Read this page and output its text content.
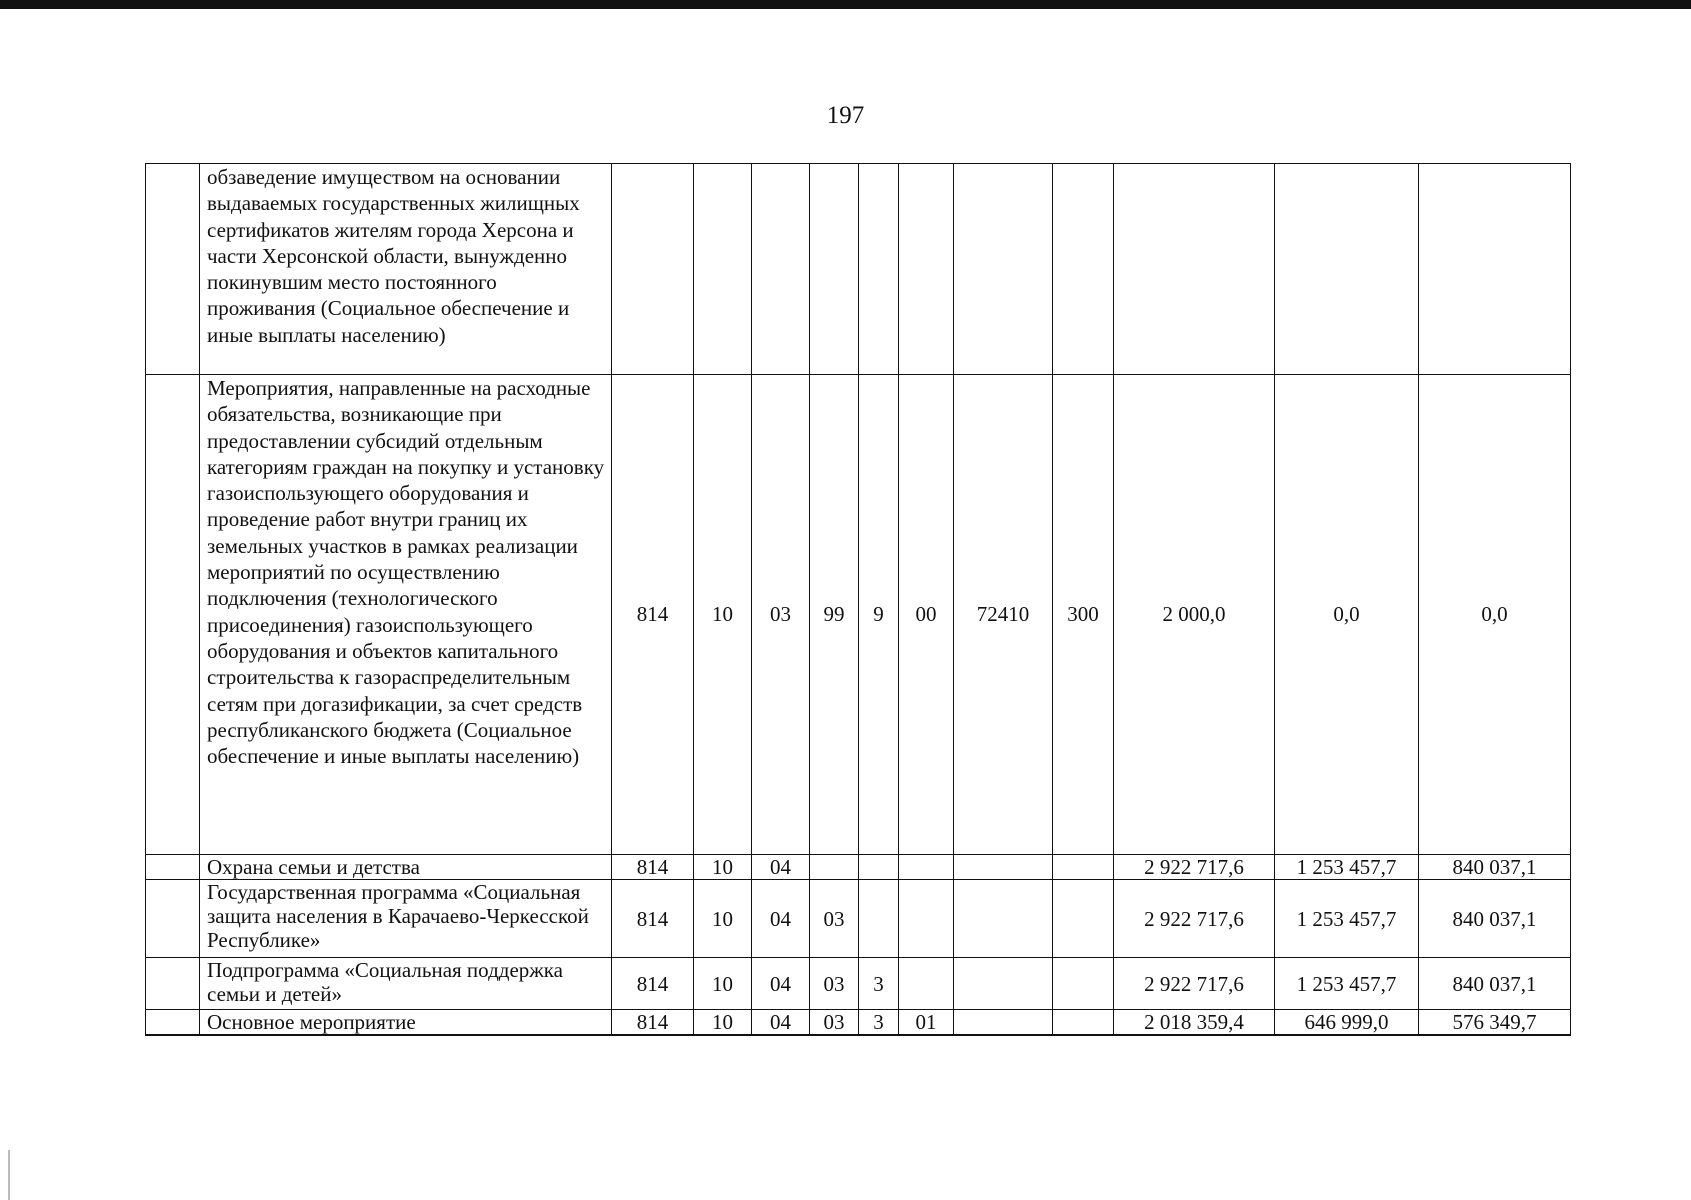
197
	обзаведение имуществом на основании выдаваемых государственных жилищных сертификатов жителям города Херсона и части Херсонской области, вынужденно покинувшим место постоянного проживания (Социальное обеспечение и иные выплаты населению)											
	Мероприятия, направленные на расходные обязательства, возникающие при предоставлении субсидий отдельным категориям граждан на покупку и установку газоиспользующего оборудования и проведение работ внутри границ их земельных участков в рамках реализации мероприятий по осуществлению подключения (технологического присоединения) газоиспользующего оборудования и объектов капитального строительства к газораспределительным сетям при догазификации, за счет средств республиканского бюджета (Социальное обеспечение и иные выплаты населению)	814	10	03	99	9	00	72410	300	2 000,0	0,0	0,0
	Охрана семьи и детства	814	10	04						2 922 717,6	1 253 457,7	840 037,1
	Государственная программа «Социальная защита населения в Карачаево-Черкесской Республике»	814	10	04	03					2 922 717,6	1 253 457,7	840 037,1
	Подпрограмма «Социальная поддержка семьи и детей»	814	10	04	03	3				2 922 717,6	1 253 457,7	840 037,1
	Основное мероприятие	814	10	04	03	3	01			2 018 359,4	646 999,0	576 349,7
